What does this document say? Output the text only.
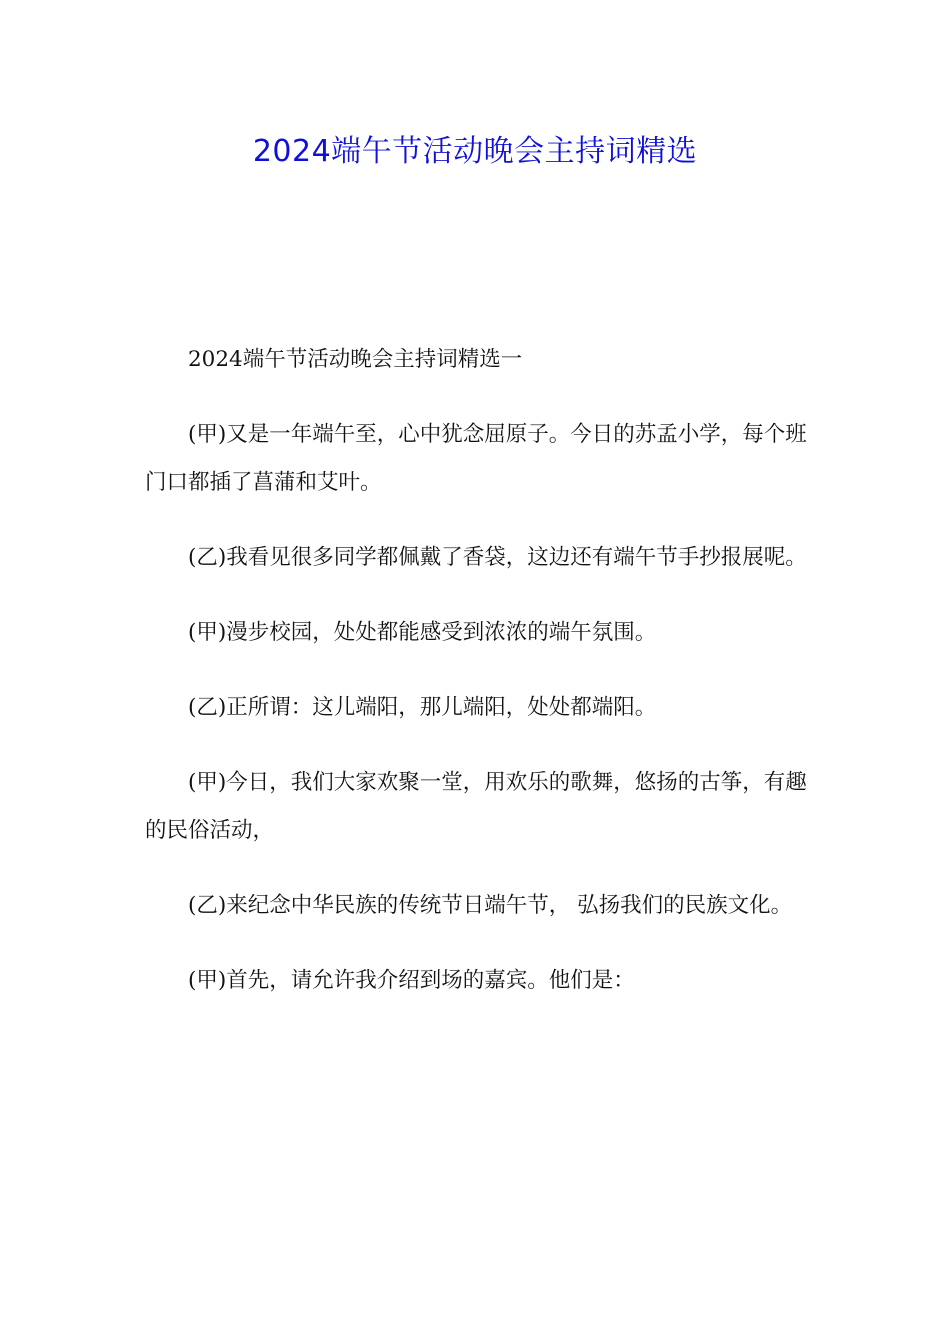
2024端午节活动晚会主持词精选

2024端午节活动晚会主持词精选一

(甲)又是一年端午至，心中犹念屈原子。今日的苏孟小学，每个班门口都插了菖蒲和艾叶。

(乙)我看见很多同学都佩戴了香袋，这边还有端午节手抄报展呢。

(甲)漫步校园，处处都能感受到浓浓的端午氛围。

(乙)正所谓：这儿端阳，那儿端阳，处处都端阳。

(甲)今日，我们大家欢聚一堂，用欢乐的歌舞，悠扬的古筝，有趣的民俗活动，

(乙)来纪念中华民族的传统节日端午节， 弘扬我们的民族文化。

(甲)首先，请允许我介绍到场的嘉宾。他们是：
